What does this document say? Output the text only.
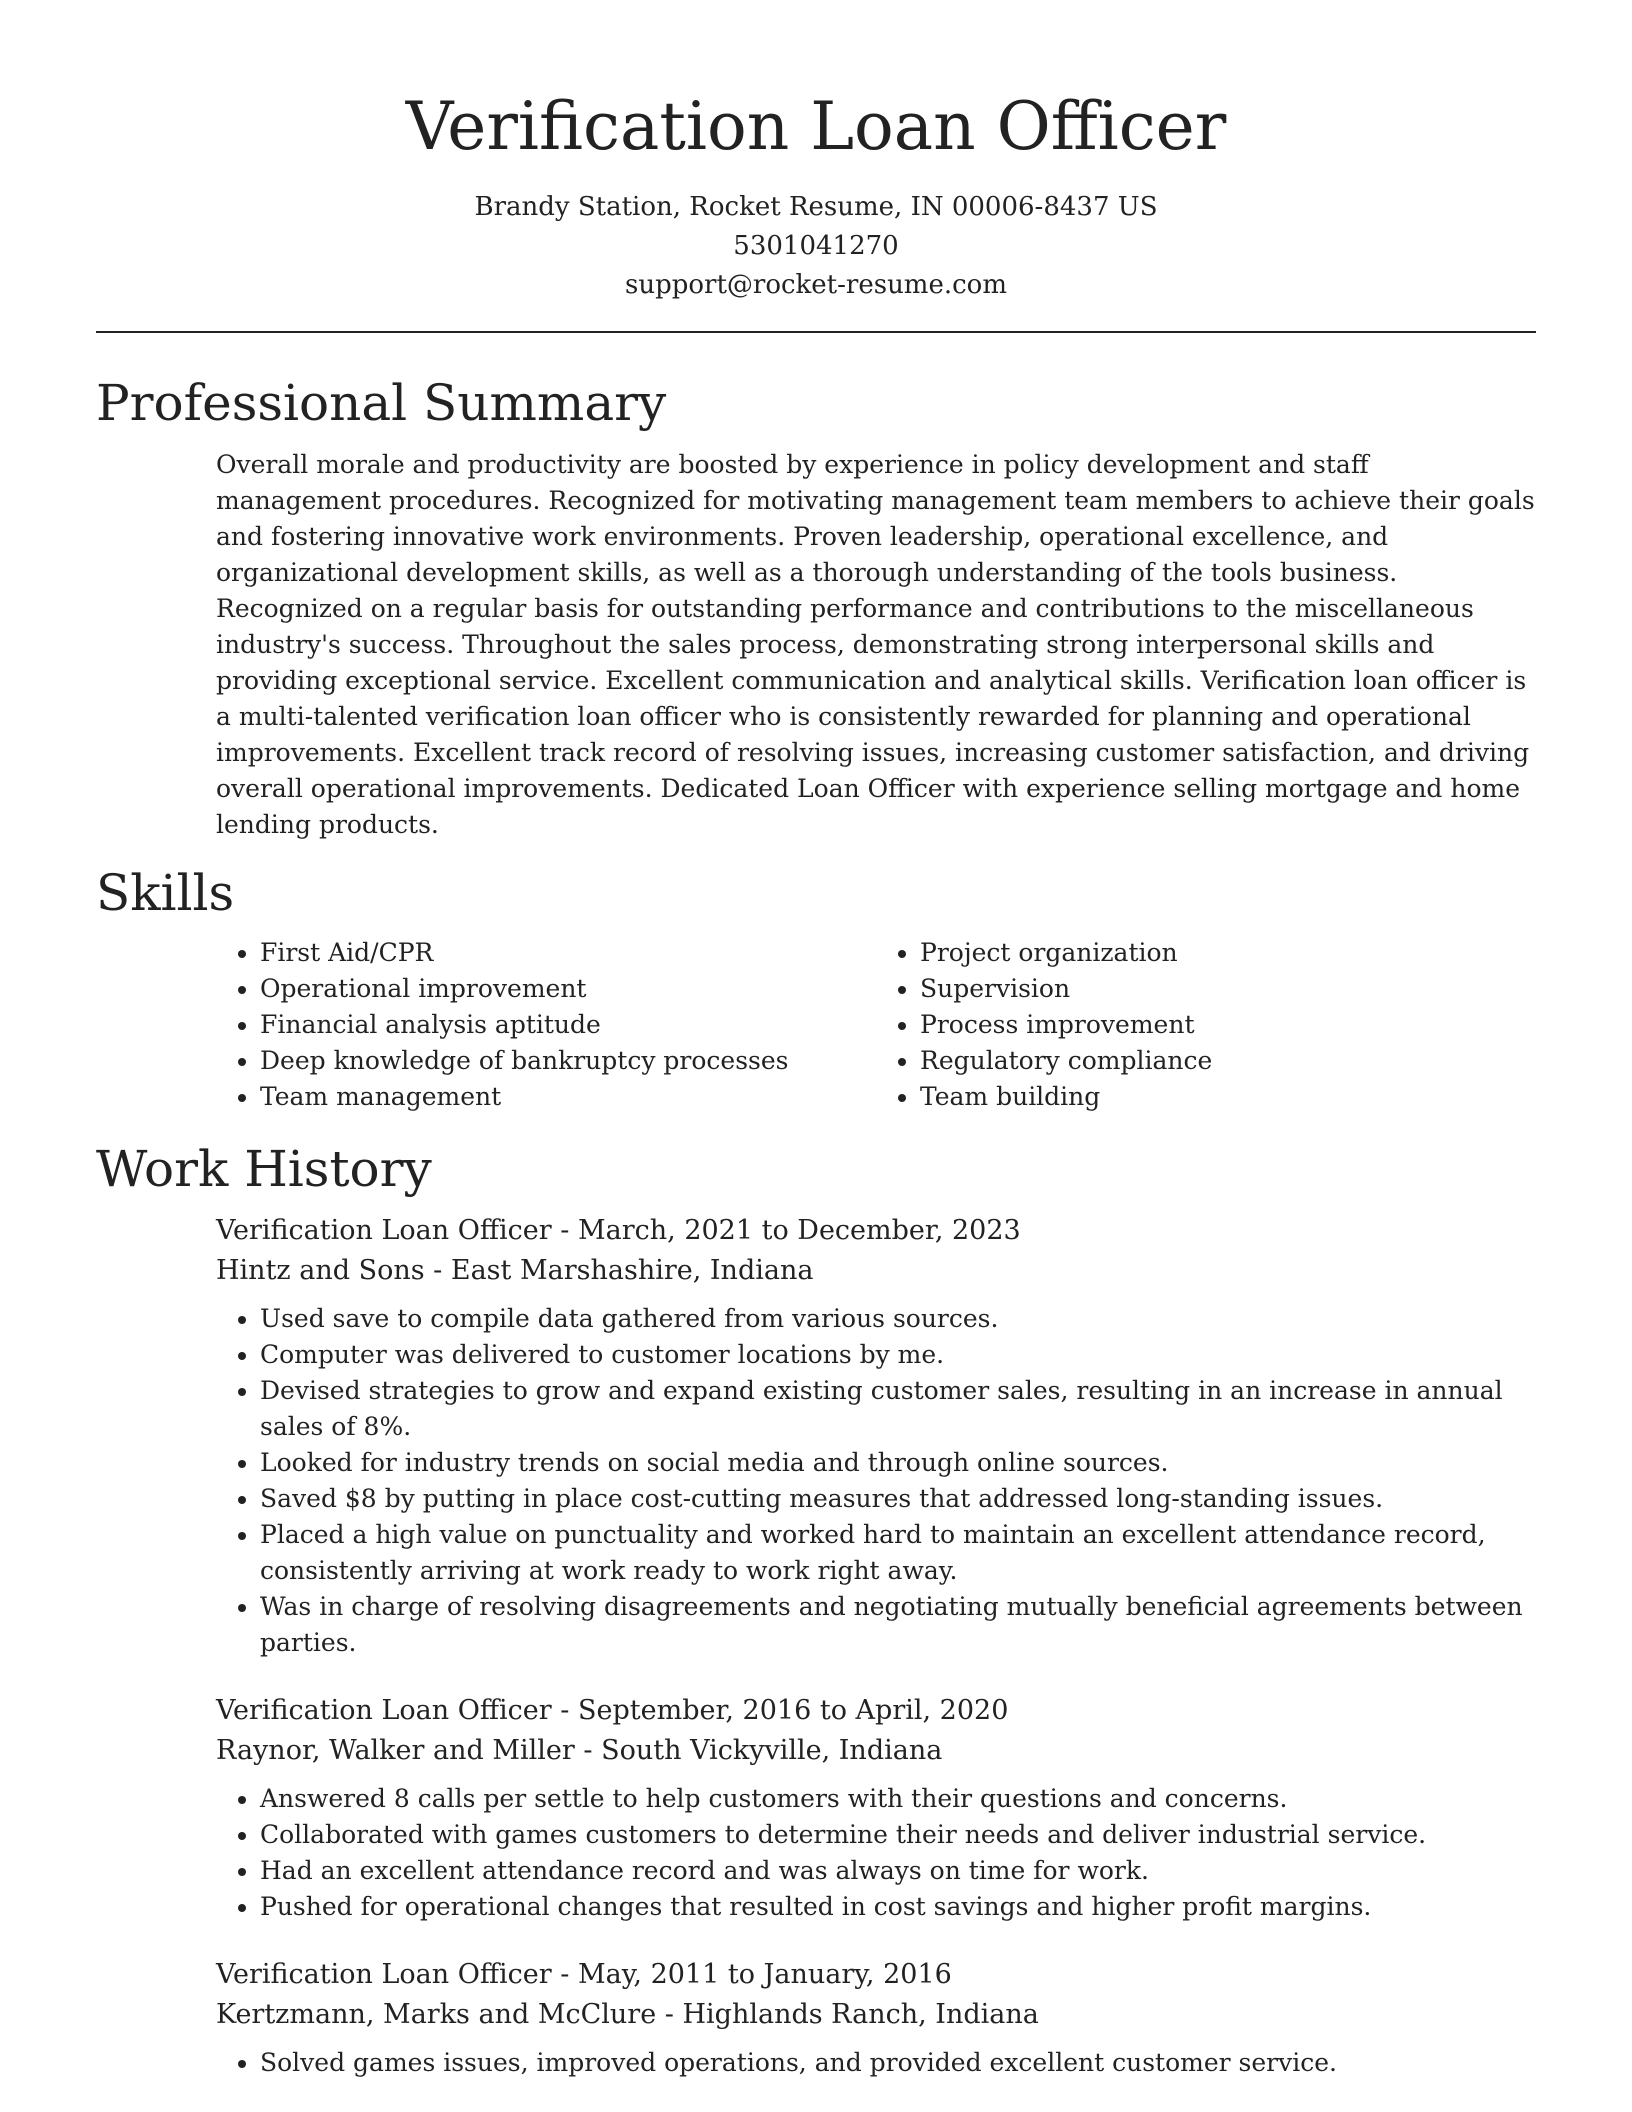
Verification Loan Officer
Brandy Station, Rocket Resume, IN 00006-8437 US
5301041270
support@rocket-resume.com
Professional Summary
Overall morale and productivity are boosted by experience in policy development and staff management procedures. Recognized for motivating management team members to achieve their goals and fostering innovative work environments. Proven leadership, operational excellence, and organizational development skills, as well as a thorough understanding of the tools business. Recognized on a regular basis for outstanding performance and contributions to the miscellaneous industry's success. Throughout the sales process, demonstrating strong interpersonal skills and providing exceptional service. Excellent communication and analytical skills. Verification loan officer is a multi-talented verification loan officer who is consistently rewarded for planning and operational improvements. Excellent track record of resolving issues, increasing customer satisfaction, and driving overall operational improvements. Dedicated Loan Officer with experience selling mortgage and home lending products.
Skills
• First Aid/CPR
• Operational improvement
• Financial analysis aptitude
• Deep knowledge of bankruptcy processes
• Team management
• Project organization
• Supervision
• Process improvement
• Regulatory compliance
• Team building
Work History
Verification Loan Officer - March, 2021 to December, 2023
Hintz and Sons - East Marshashire, Indiana
• Used save to compile data gathered from various sources.
• Computer was delivered to customer locations by me.
• Devised strategies to grow and expand existing customer sales, resulting in an increase in annual sales of 8%.
• Looked for industry trends on social media and through online sources.
• Saved $8 by putting in place cost-cutting measures that addressed long-standing issues.
• Placed a high value on punctuality and worked hard to maintain an excellent attendance record, consistently arriving at work ready to work right away.
• Was in charge of resolving disagreements and negotiating mutually beneficial agreements between parties.
Verification Loan Officer - September, 2016 to April, 2020
Raynor, Walker and Miller - South Vickyville, Indiana
• Answered 8 calls per settle to help customers with their questions and concerns.
• Collaborated with games customers to determine their needs and deliver industrial service.
• Had an excellent attendance record and was always on time for work.
• Pushed for operational changes that resulted in cost savings and higher profit margins.
Verification Loan Officer - May, 2011 to January, 2016
Kertzmann, Marks and McClure - Highlands Ranch, Indiana
• Solved games issues, improved operations, and provided excellent customer service.
